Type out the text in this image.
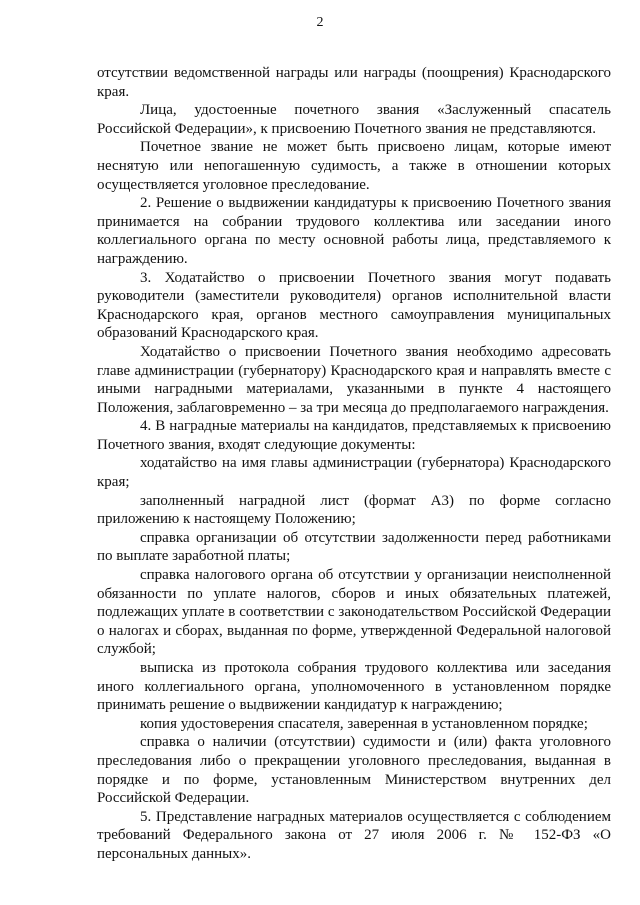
2

отсутствии ведомственной награды или награды (поощрения) Краснодарского края.

Лица, удостоенные почетного звания «Заслуженный спасатель Российской Федерации», к присвоению Почетного звания не представляются.

Почетное звание не может быть присвоено лицам, которые имеют неснятую или непогашенную судимость, а также в отношении которых осуществляется уголовное преследование.

2. Решение о выдвижении кандидатуры к присвоению Почетного звания принимается на собрании трудового коллектива или заседании иного коллегиального органа по месту основной работы лица, представляемого к награждению.

3. Ходатайство о присвоении Почетного звания могут подавать руководители (заместители руководителя) органов исполнительной власти Краснодарского края, органов местного самоуправления муниципальных образований Краснодарского края.

Ходатайство о присвоении Почетного звания необходимо адресовать главе администрации (губернатору) Краснодарского края и направлять вместе с иными наградными материалами, указанными в пункте 4 настоящего Положения, заблаговременно – за три месяца до предполагаемого награждения.

4. В наградные материалы на кандидатов, представляемых к присвоению Почетного звания, входят следующие документы:

ходатайство на имя главы администрации (губернатора) Краснодарского края;

заполненный наградной лист (формат А3) по форме согласно приложению к настоящему Положению;

справка организации об отсутствии задолженности перед работниками по выплате заработной платы;

справка налогового органа об отсутствии у организации неисполненной обязанности по уплате налогов, сборов и иных обязательных платежей, подлежащих уплате в соответствии с законодательством Российской Федерации о налогах и сборах, выданная по форме, утвержденной Федеральной налоговой службой;

выписка из протокола собрания трудового коллектива или заседания иного коллегиального органа, уполномоченного в установленном порядке принимать решение о выдвижении кандидатур к награждению;

копия удостоверения спасателя, заверенная в установленном порядке;

справка о наличии (отсутствии) судимости и (или) факта уголовного преследования либо о прекращении уголовного преследования, выданная в порядке и по форме, установленным Министерством внутренних дел Российской Федерации.

5. Представление наградных материалов осуществляется с соблюдением требований Федерального закона от 27 июля 2006 г. № 152-ФЗ «О персональных данных».
